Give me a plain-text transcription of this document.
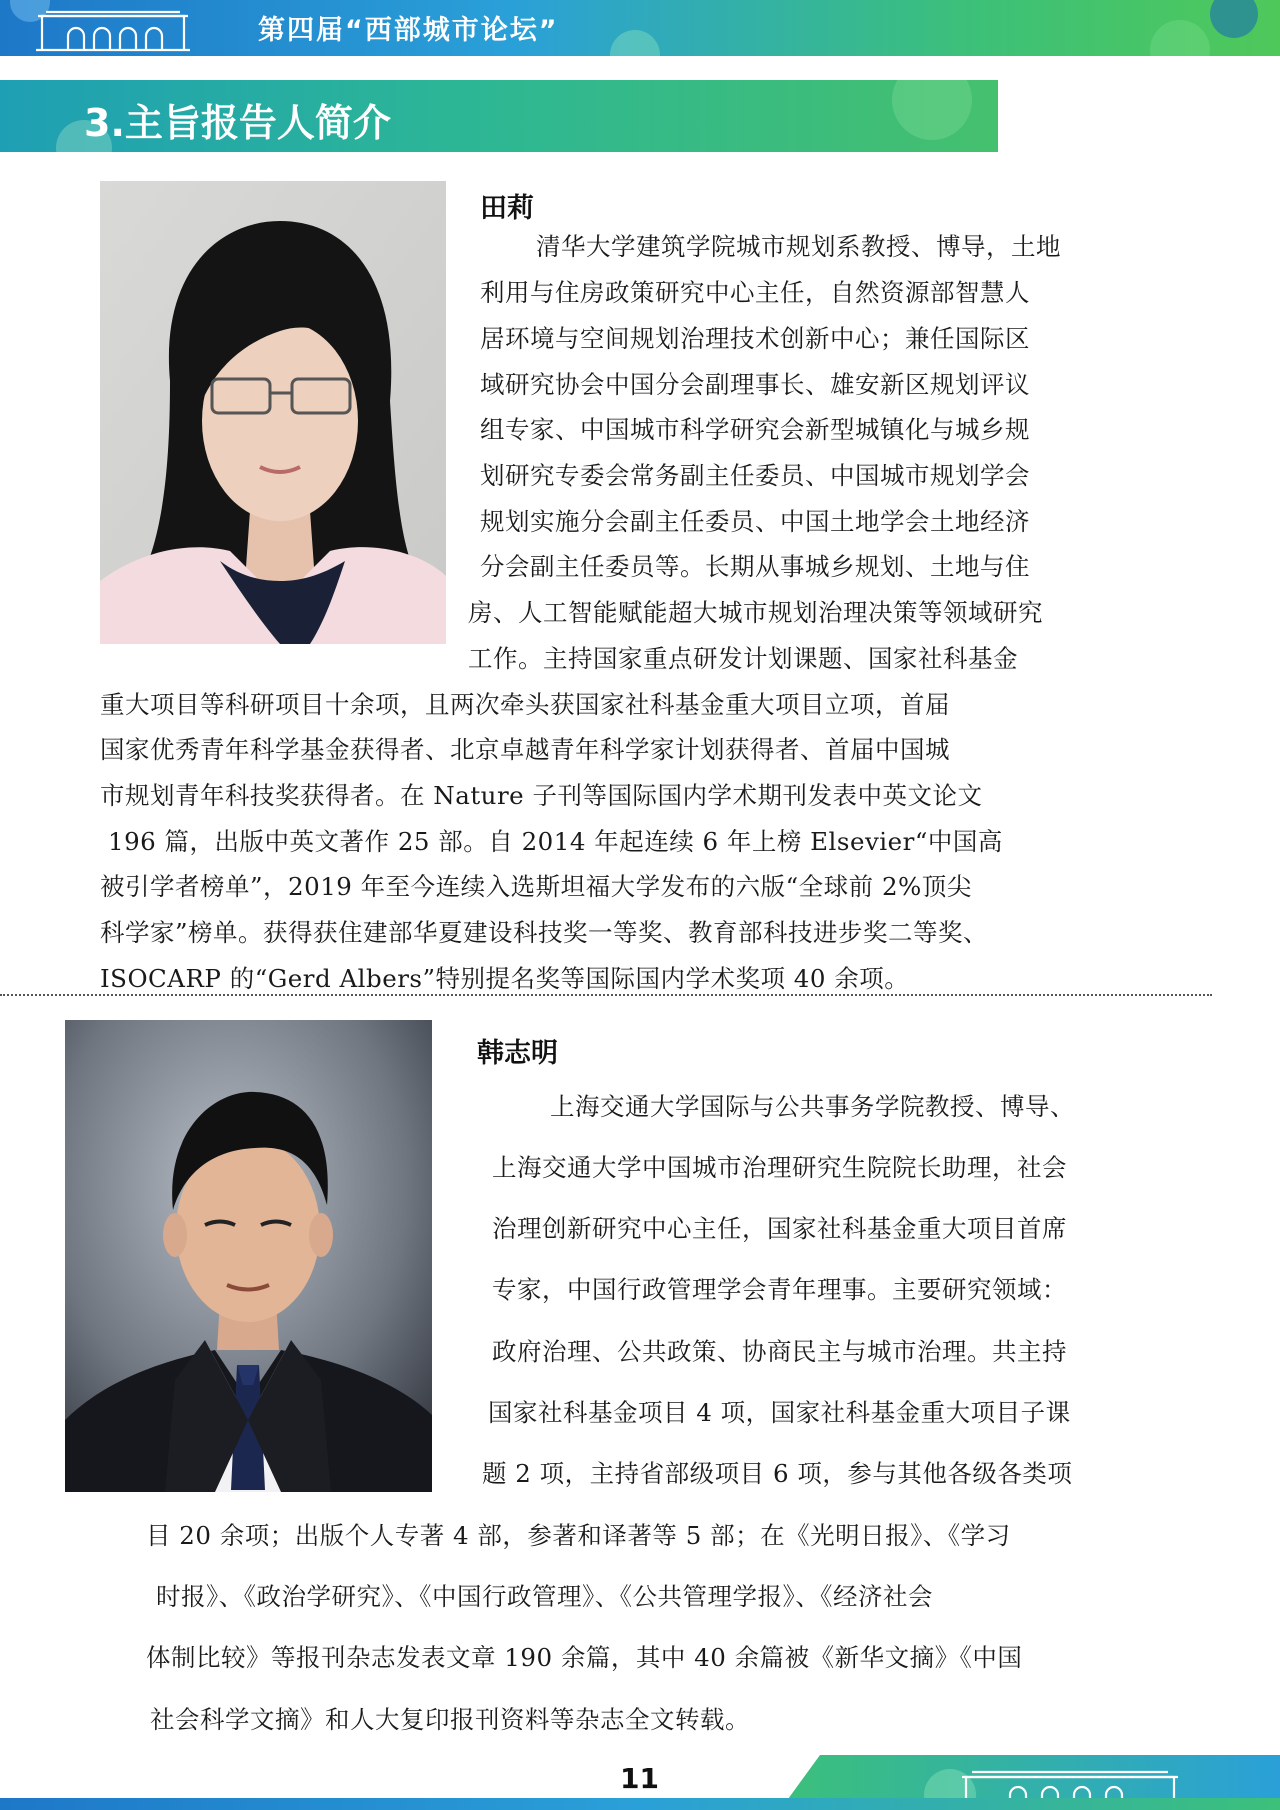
第四届“西部城市论坛”
3.主旨报告人简介
田莉
清华大学建筑学院城市规划系教授、博导，土地
利用与住房政策研究中心主任，自然资源部智慧人
居环境与空间规划治理技术创新中心；兼任国际区
域研究协会中国分会副理事长、雄安新区规划评议
组专家、中国城市科学研究会新型城镇化与城乡规
划研究专委会常务副主任委员、中国城市规划学会
规划实施分会副主任委员、中国土地学会土地经济
分会副主任委员等。长期从事城乡规划、土地与住
房、人工智能赋能超大城市规划治理决策等领域研究
工作。主持国家重点研发计划课题、国家社科基金
重大项目等科研项目十余项，且两次牵头获国家社科基金重大项目立项，首届
国家优秀青年科学基金获得者、北京卓越青年科学家计划获得者、首届中国城
市规划青年科技奖获得者。在 Nature 子刊等国际国内学术期刊发表中英文论文
196 篇，出版中英文著作 25 部。自 2014 年起连续 6 年上榜 Elsevier“中国高
被引学者榜单”，2019 年至今连续入选斯坦福大学发布的六版“全球前 2%顶尖
科学家”榜单。获得获住建部华夏建设科技奖一等奖、教育部科技进步奖二等奖、
ISOCARP 的“Gerd Albers”特别提名奖等国际国内学术奖项 40 余项。
韩志明
上海交通大学国际与公共事务学院教授、博导、
上海交通大学中国城市治理研究生院院长助理，社会
治理创新研究中心主任，国家社科基金重大项目首席
专家，中国行政管理学会青年理事。主要研究领域：
政府治理、公共政策、协商民主与城市治理。共主持
国家社科基金项目 4 项，国家社科基金重大项目子课
题 2 项，主持省部级项目 6 项，参与其他各级各类项
目 20 余项；出版个人专著 4 部，参著和译著等 5 部；在《光明日报》、《学习
时报》、《政治学研究》、《中国行政管理》、《公共管理学报》、《经济社会
体制比较》等报刊杂志发表文章 190 余篇，其中 40 余篇被《新华文摘》《中国
社会科学文摘》和人大复印报刊资料等杂志全文转载。
11
